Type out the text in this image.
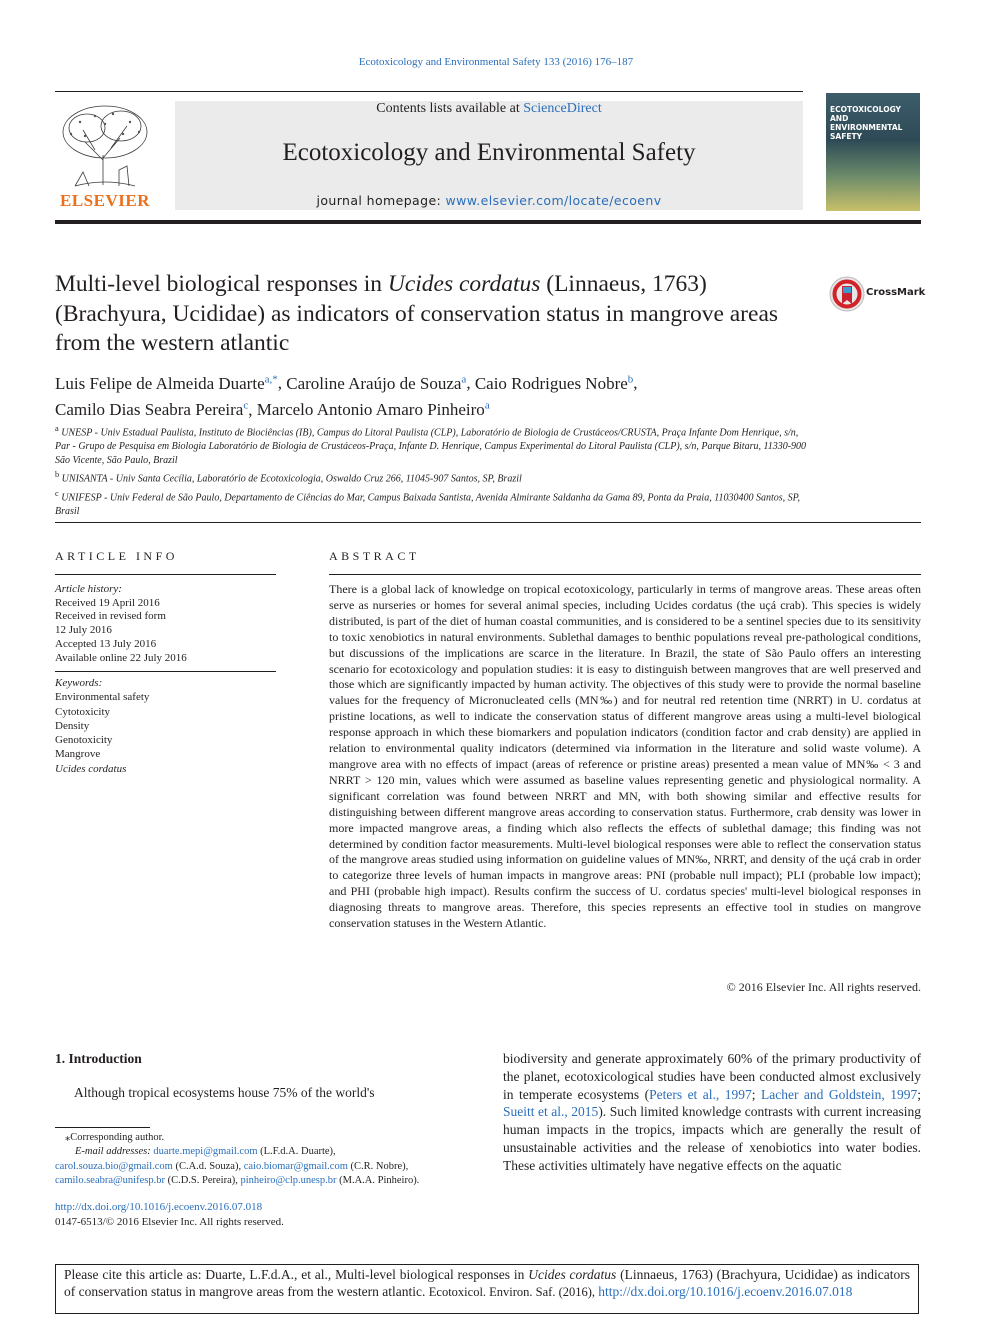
Ecotoxicology and Environmental Safety 133 (2016) 176–187
ELSEVIER
Contents lists available at ScienceDirect
Ecotoxicology and Environmental Safety
journal homepage: www.elsevier.com/locate/ecoenv
ECOTOXICOLOGY AND ENVIRONMENTAL SAFETY
Multi-level biological responses in Ucides cordatus (Linnaeus, 1763) (Brachyura, Ucididae) as indicators of conservation status in mangrove areas from the western atlantic
CrossMark
Luis Felipe de Almeida Duarte$^{a,*}$, Caroline Araújo de Souza$^a$, Caio Rodrigues Nobre$^b$,
Camilo Dias Seabra Pereira$^c$, Marcelo Antonio Amaro Pinheiro$^a$
$^a$ UNESP - Univ Estadual Paulista, Instituto de Biociências (IB), Campus do Litoral Paulista (CLP), Laboratório de Biologia de Crustáceos/CRUSTA, Praça Infante Dom Henrique, s/n, Par - Grupo de Pesquisa em Biologia Laboratório de Biologia de Crustáceos-Praça, Infante D. Henrique, Campus Experimental do Litoral Paulista (CLP), s/n, Parque Bitaru, 11330-900 São Vicente, São Paulo, Brazil
$^b$ UNISANTA - Univ Santa Cecília, Laboratório de Ecotoxicologia, Oswaldo Cruz 266, 11045-907 Santos, SP, Brazil
$^c$ UNIFESP - Univ Federal de São Paulo, Departamento de Ciências do Mar, Campus Baixada Santista, Avenida Almirante Saldanha da Gama 89, Ponta da Praia, 11030400 Santos, SP, Brasil
ARTICLE INFO
Article history:
Received 19 April 2016
Received in revised form
12 July 2016
Accepted 13 July 2016
Available online 22 July 2016
Keywords:
Environmental safety
Cytotoxicity
Density
Genotoxicity
Mangrove
Ucides cordatus
ABSTRACT
There is a global lack of knowledge on tropical ecotoxicology, particularly in terms of mangrove areas. These areas often serve as nurseries or homes for several animal species, including Ucides cordatus (the uçá crab). This species is widely distributed, is part of the diet of human coastal communities, and is considered to be a sentinel species due to its sensitivity to toxic xenobiotics in natural environments. Sublethal damages to benthic populations reveal pre-pathological conditions, but discussions of the implications are scarce in the literature. In Brazil, the state of São Paulo offers an interesting scenario for ecotoxicology and population studies: it is easy to distinguish between mangroves that are well preserved and those which are significantly impacted by human activity. The objectives of this study were to provide the normal baseline values for the frequency of Micronucleated cells (MN‰) and for neutral red retention time (NRRT) in U. cordatus at pristine locations, as well to indicate the conservation status of different mangrove areas using a multi-level biological response approach in which these biomarkers and population indicators (condition factor and crab density) are applied in relation to environmental quality indicators (determined via information in the literature and solid waste volume). A mangrove area with no effects of impact (areas of reference or pristine areas) presented a mean value of MN‰ < 3 and NRRT > 120 min, values which were assumed as baseline values representing genetic and physiological normality. A significant correlation was found between NRRT and MN, with both showing similar and effective results for distinguishing between different mangrove areas according to conservation status. Furthermore, crab density was lower in more impacted mangrove areas, a finding which also reflects the effects of sublethal damage; this finding was not determined by condition factor measurements. Multi-level biological responses were able to reflect the conservation status of the mangrove areas studied using information on guideline values of MN‰, NRRT, and density of the uçá crab in order to categorize three levels of human impacts in mangrove areas: PNI (probable null impact); PLI (probable low impact); and PHI (probable high impact). Results confirm the success of U. cordatus species' multi-level biological responses in diagnosing threats to mangrove areas. Therefore, this species represents an effective tool in studies on mangrove conservation statuses in the Western Atlantic.
© 2016 Elsevier Inc. All rights reserved.
1. Introduction
Although tropical ecosystems house 75% of the world's
biodiversity and generate approximately 60% of the primary productivity of the planet, ecotoxicological studies have been conducted almost exclusively in temperate ecosystems (Peters et al., 1997; Lacher and Goldstein, 1997; Sueitt et al., 2015). Such limited knowledge contrasts with current increasing human impacts in the tropics, impacts which are generally the result of unsustainable activities and the release of xenobiotics into water bodies. These activities ultimately have negative effects on the aquatic
⁎Corresponding author.
E-mail addresses: duarte.mepi@gmail.com (L.F.d.A. Duarte),
carol.souza.bio@gmail.com (C.A.d. Souza), caio.biomar@gmail.com (C.R. Nobre),
camilo.seabra@unifesp.br (C.D.S. Pereira), pinheiro@clp.unesp.br (M.A.A. Pinheiro).
http://dx.doi.org/10.1016/j.ecoenv.2016.07.018
0147-6513/© 2016 Elsevier Inc. All rights reserved.
Please cite this article as: Duarte, L.F.d.A., et al., Multi-level biological responses in Ucides cordatus (Linnaeus, 1763) (Brachyura, Ucididae) as indicators of conservation status in mangrove areas from the western atlantic. Ecotoxicol. Environ. Saf. (2016), http://dx.doi.org/10.1016/j.ecoenv.2016.07.018
